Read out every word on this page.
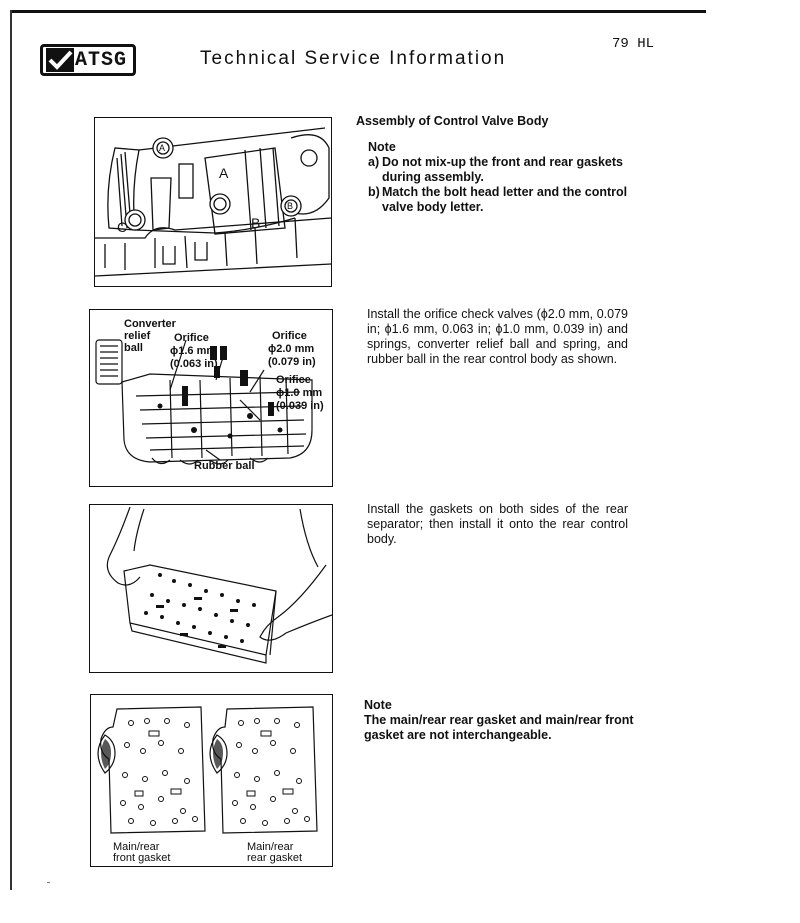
ATSG	Technical Service Information
79 HL
A
A
B
C
B
Converter
relief
ball
Orifice
ϕ1.6 mm
(0.063 in)
Orifice
ϕ2.0 mm
(0.079 in)
Orifice
ϕ1.0 mm
(0.039 in)
Rubber ball
Main/rear
front gasket
Main/rear
rear gasket
Assembly of Control Valve Body
Note
a) Do not mix-up the front and rear gaskets during assembly.
b) Match the bolt head letter and the control valve body letter.
Install the orifice check valves (ϕ2.0 mm, 0.079 in; ϕ1.6 mm, 0.063 in; ϕ1.0 mm, 0.039 in) and springs, converter relief ball and spring, and rubber ball in the rear control body as shown.
Install the gaskets on both sides of the rear separator; then install it onto the rear control body.
Note
The main/rear rear gasket and main/rear front gasket are not interchangeable.
